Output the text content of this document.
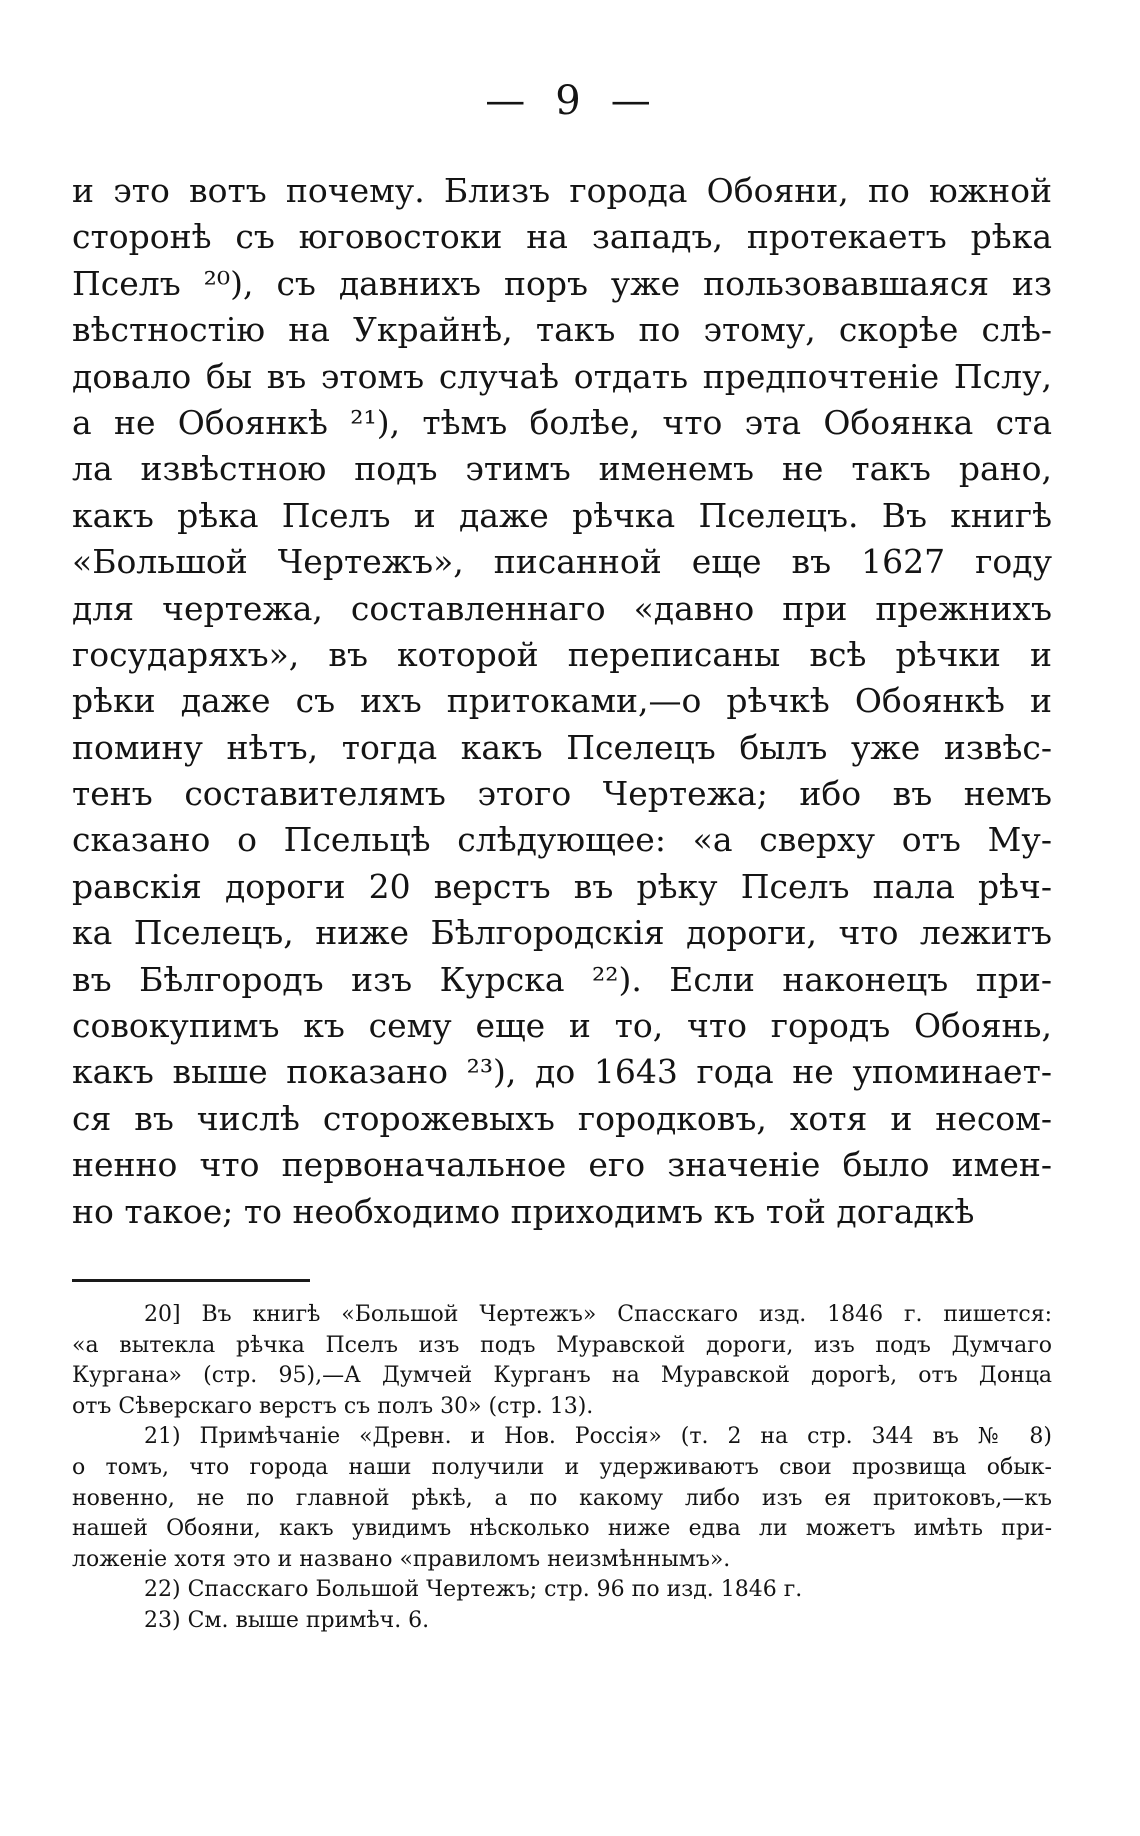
— 9 —
и это вотъ почему. Близъ города Обояни, по южной
сторонѣ съ юговостоки на западъ, протекаетъ рѣка
Пселъ ²⁰), съ давнихъ поръ уже пользовавшаяся из
вѣстностію на Украйнѣ, такъ по этому, скорѣе слѣ-
довало бы въ этомъ случаѣ отдать предпочтеніе Пслу,
а не Обоянкѣ ²¹), тѣмъ болѣе, что эта Обоянка ста
ла извѣстною подъ этимъ именемъ не такъ рано,
какъ рѣка Пселъ и даже рѣчка Пселецъ. Въ книгѣ
«Большой Чертежъ», писанной еще въ 1627 году
для чертежа, составленнаго «давно при прежнихъ
государяхъ», въ которой переписаны всѣ рѣчки и
рѣки даже съ ихъ притоками,—о рѣчкѣ Обоянкѣ и
помину нѣтъ, тогда какъ Пселецъ былъ уже извѣс-
тенъ составителямъ этого Чертежа; ибо въ немъ
сказано о Псельцѣ слѣдующее: «а сверху отъ Му-
равскія дороги 20 верстъ въ рѣку Пселъ пала рѣч-
ка Пселецъ, ниже Бѣлгородскія дороги, что лежитъ
въ Бѣлгородъ изъ Курска ²²). Если наконецъ при-
совокупимъ къ сему еще и то, что городъ Обоянь,
какъ выше показано ²³), до 1643 года не упоминает-
ся въ числѣ сторожевыхъ городковъ, хотя и несом-
ненно что первоначальное его значеніе было имен-
но такое; то необходимо приходимъ къ той догадкѣ
20] Въ книгѣ «Большой Чертежъ» Спасскаго изд. 1846 г. пишется:
«а вытекла рѣчка Пселъ изъ подъ Муравской дороги, изъ подъ Думчаго
Кургана» (стр. 95),—А Думчей Курганъ на Муравской дорогѣ, отъ Донца
отъ Сѣверскаго верстъ съ полъ 30» (стр. 13).
21) Примѣчаніе «Древн. и Нов. Россія» (т. 2 на стр. 344 въ № 8)
о томъ, что города наши получили и удерживаютъ свои прозвища обык-
новенно, не по главной рѣкѣ, а по какому либо изъ ея притоковъ,—къ
нашей Обояни, какъ увидимъ нѣсколько ниже едва ли можетъ имѣть при-
ложеніе хотя это и названо «правиломъ неизмѣннымъ».
22) Спасскаго Большой Чертежъ; стр. 96 по изд. 1846 г.
23) См. выше примѣч. 6.
